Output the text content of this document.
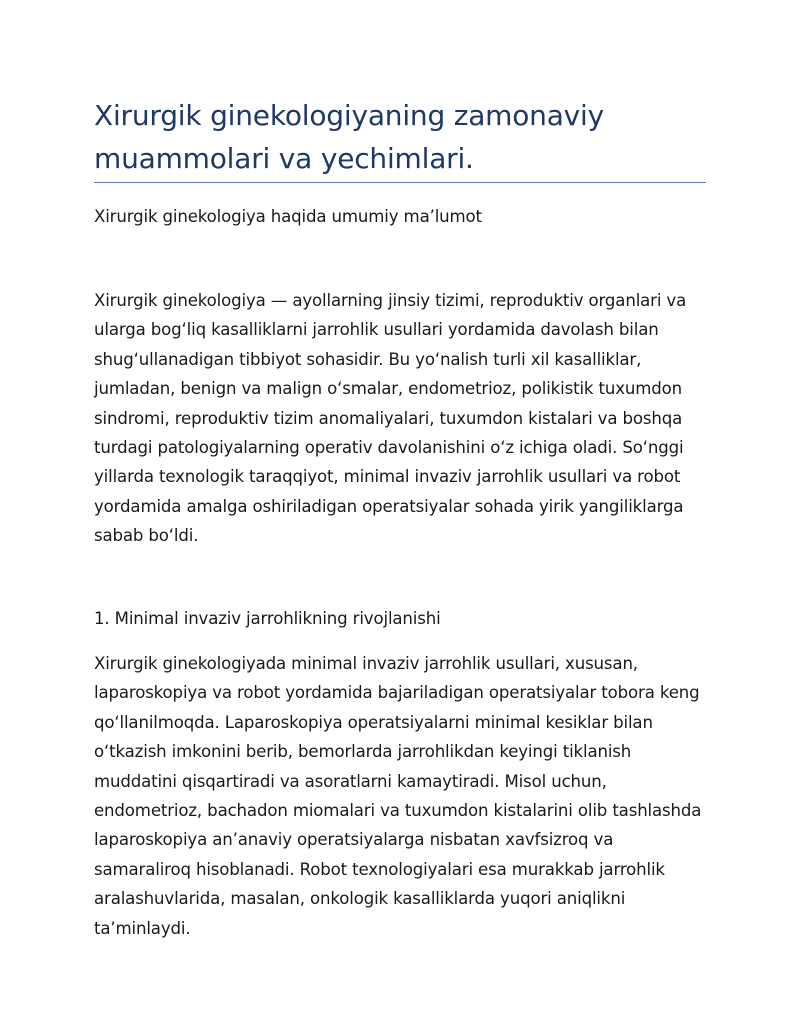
Xirurgik ginekologiyaning zamonaviy muammolari va yechimlari.

Xirurgik ginekologiya haqida umumiy ma’lumot

Xirurgik ginekologiya — ayollarning jinsiy tizimi, reproduktiv organlari va ularga bog‘liq kasalliklarni jarrohlik usullari yordamida davolash bilan shug‘ullanadigan tibbiyot sohasidir. Bu yo‘nalish turli xil kasalliklar, jumladan, benign va malign o‘smalar, endometrioz, polikistik tuxumdon sindromi, reproduktiv tizim anomaliyalari, tuxumdon kistalari va boshqa turdagi patologiyalarning operativ davolanishini o‘z ichiga oladi. So‘nggi yillarda texnologik taraqqiyot, minimal invaziv jarrohlik usullari va robot yordamida amalga oshiriladigan operatsiyalar sohada yirik yangiliklarga sabab bo‘ldi.

1. Minimal invaziv jarrohlikning rivojlanishi

Xirurgik ginekologiyada minimal invaziv jarrohlik usullari, xususan, laparoskopiya va robot yordamida bajariladigan operatsiyalar tobora keng qo‘llanilmoqda. Laparoskopiya operatsiyalarni minimal kesiklar bilan o‘tkazish imkonini berib, bemorlarda jarrohlikdan keyingi tiklanish muddatini qisqartiradi va asoratlarni kamaytiradi. Misol uchun, endometrioz, bachadon miomalari va tuxumdon kistalarini olib tashlashda laparoskopiya an’anaviy operatsiyalarga nisbatan xavfsizroq va samaraliroq hisoblanadi. Robot texnologiyalari esa murakkab jarrohlik aralashuvlarida, masalan, onkologik kasalliklarda yuqori aniqlikni ta’minlaydi.
